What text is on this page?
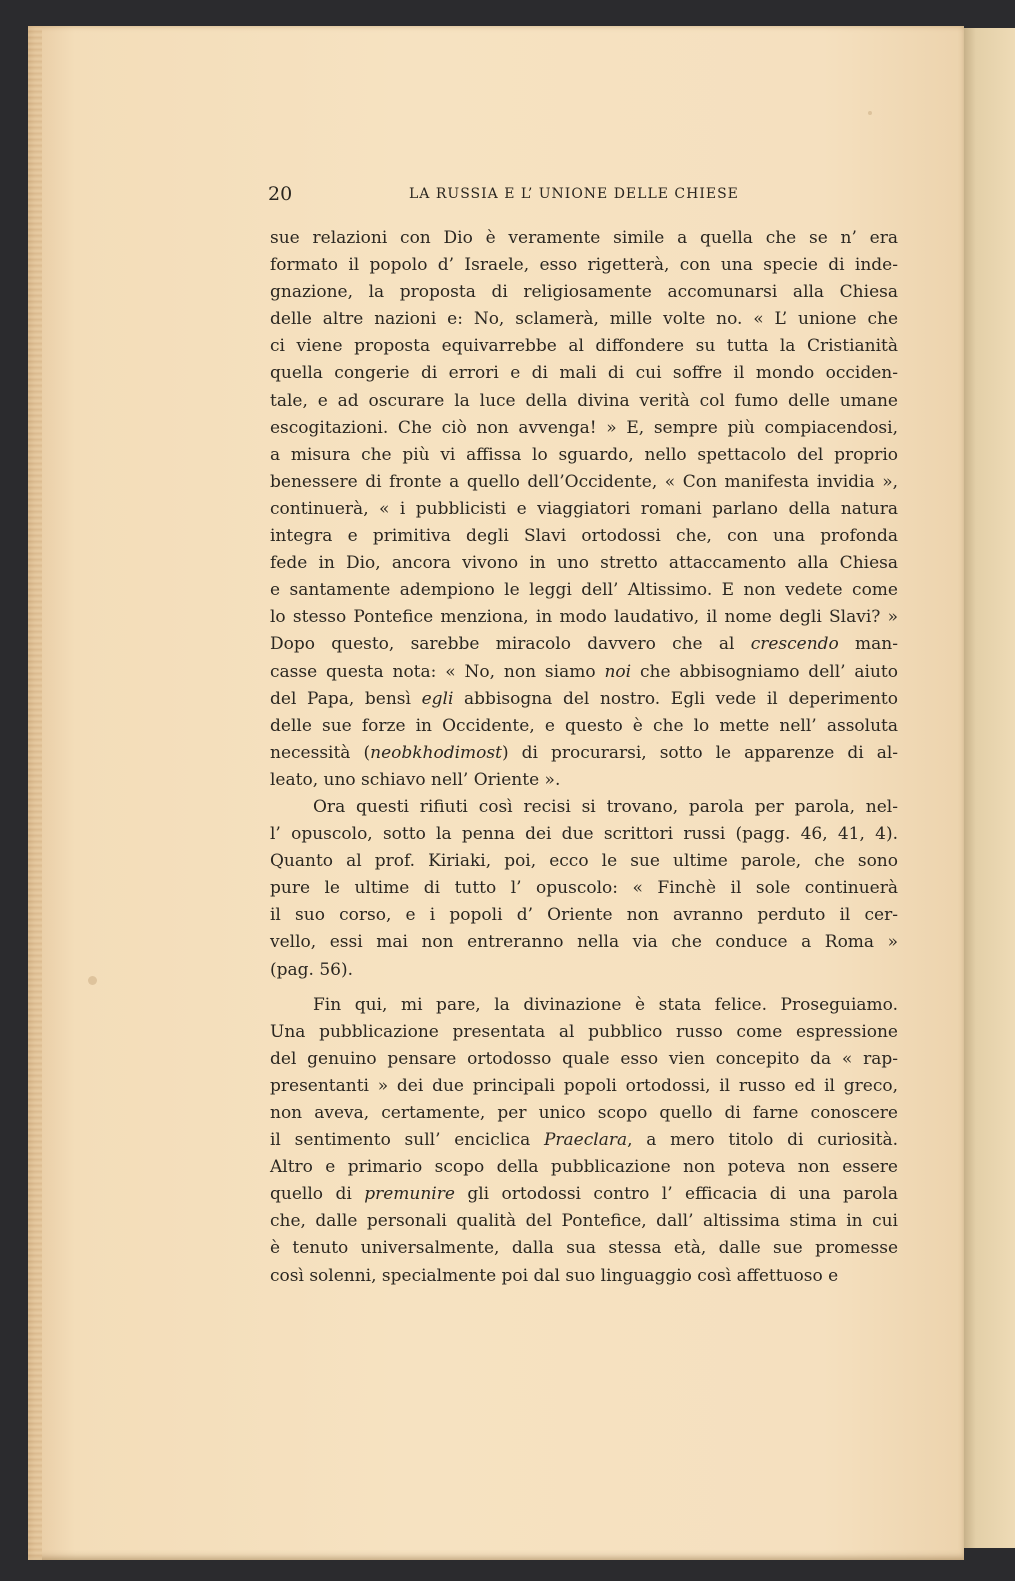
20	LA RUSSIA E L’ UNIONE DELLE CHIESE
sue relazioni con Dio è veramente simile a quella che se n’ era
formato il popolo d’ Israele, esso rigetterà, con una specie di inde-
gnazione, la proposta di religiosamente accomunarsi alla Chiesa
delle altre nazioni e: No, sclamerà, mille volte no. « L’ unione che
ci viene proposta equivarrebbe al diffondere su tutta la Cristianità
quella congerie di errori e di mali di cui soffre il mondo occiden-
tale, e ad oscurare la luce della divina verità col fumo delle umane
escogitazioni. Che ciò non avvenga! » E, sempre più compiacendosi,
a misura che più vi affissa lo sguardo, nello spettacolo del proprio
benessere di fronte a quello dell’Occidente, « Con manifesta invidia »,
continuerà, « i pubblicisti e viaggiatori romani parlano della natura
integra e primitiva degli Slavi ortodossi che, con una profonda
fede in Dio, ancora vivono in uno stretto attaccamento alla Chiesa
e santamente adempiono le leggi dell’ Altissimo. E non vedete come
lo stesso Pontefice menziona, in modo laudativo, il nome degli Slavi? »
Dopo questo, sarebbe miracolo davvero che al crescendo man-
casse questa nota: « No, non siamo noi che abbisogniamo dell’ aiuto
del Papa, bensì egli abbisogna del nostro. Egli vede il deperimento
delle sue forze in Occidente, e questo è che lo mette nell’ assoluta
necessità (neobkhodimost) di procurarsi, sotto le apparenze di al-
leato, uno schiavo nell’ Oriente ».
Ora questi rifiuti così recisi si trovano, parola per parola, nel-
l’ opuscolo, sotto la penna dei due scrittori russi (pagg. 46, 41, 4).
Quanto al prof. Kiriaki, poi, ecco le sue ultime parole, che sono
pure le ultime di tutto l’ opuscolo: « Finchè il sole continuerà
il suo corso, e i popoli d’ Oriente non avranno perduto il cer-
vello, essi mai non entreranno nella via che conduce a Roma »
(pag. 56).
Fin qui, mi pare, la divinazione è stata felice. Proseguiamo.
Una pubblicazione presentata al pubblico russo come espressione
del genuino pensare ortodosso quale esso vien concepito da « rap-
presentanti » dei due principali popoli ortodossi, il russo ed il greco,
non aveva, certamente, per unico scopo quello di farne conoscere
il sentimento sull’ enciclica Praeclara, a mero titolo di curiosità.
Altro e primario scopo della pubblicazione non poteva non essere
quello di premunire gli ortodossi contro l’ efficacia di una parola
che, dalle personali qualità del Pontefice, dall’ altissima stima in cui
è tenuto universalmente, dalla sua stessa età, dalle sue promesse
così solenni, specialmente poi dal suo linguaggio così affettuoso e
